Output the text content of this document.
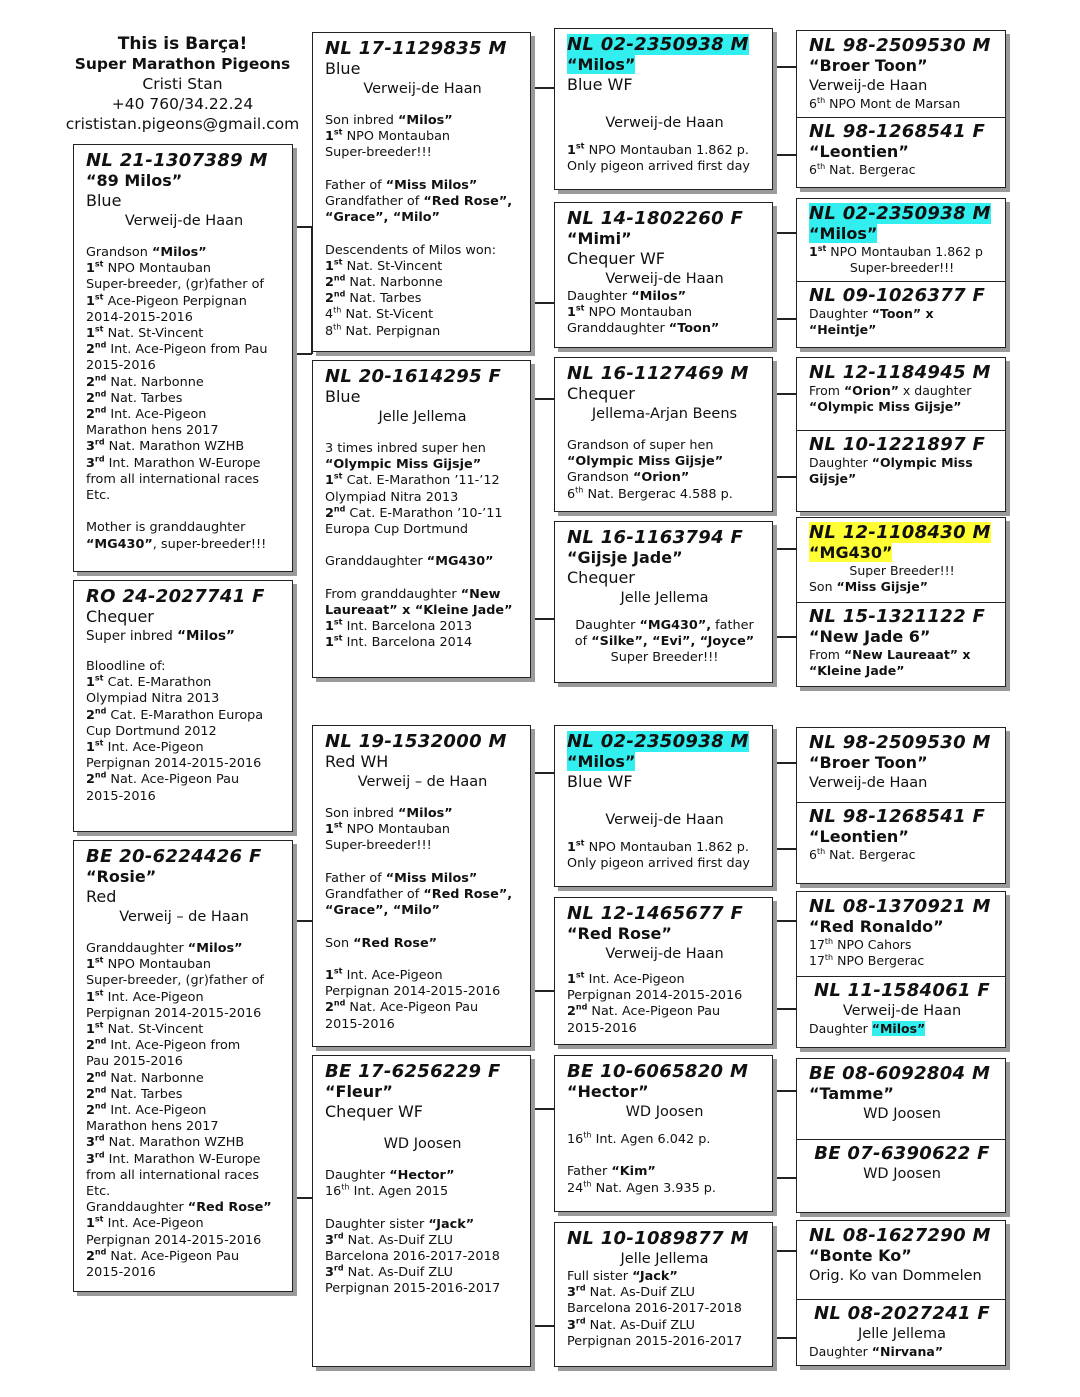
This is Barça!
Super Marathon Pigeons
Cristi Stan
+40 760/34.22.24
crististan.pigeons@gmail.com
NL 21-1307389 M
“89 Milos”
Blue
Verweij-de Haan
Grandson “Milos”
1st NPO Montauban
Super-breeder, (gr)father of
1st Ace-Pigeon Perpignan
2014-2015-2016
1st Nat. St-Vincent
2nd Int. Ace-Pigeon from Pau
2015-2016
2nd Nat. Narbonne
2nd Nat. Tarbes
2nd Int. Ace-Pigeon
Marathon hens 2017
3rd Nat. Marathon WZHB
3rd Int. Marathon W-Europe
from all international races
Etc.

Mother is granddaughter
“MG430”, super-breeder!!!
RO 24-2027741 F
Chequer
Super inbred “Milos”
Bloodline of:
1st Cat. E-Marathon
Olympiad Nitra 2013
2nd Cat. E-Marathon Europa
Cup Dortmund 2012
1st Int. Ace-Pigeon
Perpignan 2014-2015-2016
2nd Nat. Ace-Pigeon Pau
2015-2016
BE 20-6224426 F
“Rosie”
Red
Verweij – de Haan
Granddaughter “Milos”
1st NPO Montauban
Super-breeder, (gr)father of
1st Int. Ace-Pigeon
Perpignan 2014-2015-2016
1st Nat. St-Vincent
2nd Int. Ace-Pigeon from
Pau 2015-2016
2nd Nat. Narbonne
2nd Nat. Tarbes
2nd Int. Ace-Pigeon
Marathon hens 2017
3rd Nat. Marathon WZHB
3rd Int. Marathon W-Europe
from all international races
Etc.
Granddaughter “Red Rose”
1st Int. Ace-Pigeon
Perpignan 2014-2015-2016
2nd Nat. Ace-Pigeon Pau
2015-2016
NL 17-1129835 M
Blue
Verweij-de Haan
Son inbred “Milos”
1st NPO Montauban
Super-breeder!!!

Father of “Miss Milos”
Grandfather of “Red Rose”,
“Grace”, “Milo”

Descendents of Milos won:
1st Nat. St-Vincent
2nd Nat. Narbonne
2nd Nat. Tarbes
4th Nat. St-Vicent
8th Nat. Perpignan
NL 20-1614295 F
Blue
Jelle Jellema
3 times inbred super hen
“Olympic Miss Gijsje”
1st Cat. E-Marathon ’11-’12
Olympiad Nitra 2013
2nd Cat. E-Marathon ’10-’11
Europa Cup Dortmund

Granddaughter “MG430”

From granddaughter “New
Laureaat” x “Kleine Jade”
1st Int. Barcelona 2013
1st Int. Barcelona 2014
NL 19-1532000 M
Red WH
Verweij – de Haan
Son inbred “Milos”
1st NPO Montauban
Super-breeder!!!

Father of “Miss Milos”
Grandfather of “Red Rose”,
“Grace”, “Milo”

Son “Red Rose”

1st Int. Ace-Pigeon
Perpignan 2014-2015-2016
2nd Nat. Ace-Pigeon Pau
2015-2016
BE 17-6256229 F
“Fleur”
Chequer WF
WD Joosen
Daughter “Hector”
16th Int. Agen 2015

Daughter sister “Jack”
3rd Nat. As-Duif ZLU
Barcelona 2016-2017-2018
3rd Nat. As-Duif ZLU
Perpignan 2015-2016-2017
NL 02-2350938 M
“Milos”
Blue WF
Verweij-de Haan
1st NPO Montauban 1.862 p.
Only pigeon arrived first day
NL 14-1802260 F
“Mimi”
Chequer WF
Verweij-de Haan
Daughter “Milos”
1st NPO Montauban
Granddaughter “Toon”
NL 16-1127469 M
Chequer
Jellema-Arjan Beens
Grandson of super hen
“Olympic Miss Gijsje”
Grandson “Orion”
6th Nat. Bergerac 4.588 p.
NL 16-1163794 F
“Gijsje Jade”
Chequer
Jelle Jellema
Daughter “MG430”, father
of “Silke”, “Evi”, “Joyce”
Super Breeder!!!
NL 02-2350938 M
“Milos”
Blue WF
Verweij-de Haan
1st NPO Montauban 1.862 p.
Only pigeon arrived first day
NL 12-1465677 F
“Red Rose”
Verweij-de Haan
1st Int. Ace-Pigeon
Perpignan 2014-2015-2016
2nd Nat. Ace-Pigeon Pau
2015-2016
BE 10-6065820 M
“Hector”
WD Joosen
16th Int. Agen 6.042 p.

Father “Kim”
24th Nat. Agen 3.935 p.
NL 10-1089877 M
Jelle Jellema
Full sister “Jack”
3rd Nat. As-Duif ZLU
Barcelona 2016-2017-2018
3rd Nat. As-Duif ZLU
Perpignan 2015-2016-2017
NL 98-2509530 M
“Broer Toon”
Verweij-de Haan
6th NPO Mont de Marsan
NL 98-1268541 F
“Leontien”
6th Nat. Bergerac
NL 02-2350938 M
“Milos”
1st NPO Montauban 1.862 p
Super-breeder!!!
NL 09-1026377 F
Daughter “Toon” x
“Heintje”
NL 12-1184945 M
From “Orion” x daughter
“Olympic Miss Gijsje”
NL 10-1221897 F
Daughter “Olympic Miss
Gijsje”
NL 12-1108430 M
“MG430”
Super Breeder!!!
Son “Miss Gijsje”
NL 15-1321122 F
“New Jade 6”
From “New Laureaat” x
“Kleine Jade”
NL 98-2509530 M
“Broer Toon”
Verweij-de Haan
NL 98-1268541 F
“Leontien”
6th Nat. Bergerac
NL 08-1370921 M
“Red Ronaldo”
17th NPO Cahors
17th NPO Bergerac
NL 11-1584061 F
Verweij-de Haan
Daughter “Milos”
BE 08-6092804 M
“Tamme”
WD Joosen
BE 07-6390622 F
WD Joosen
NL 08-1627290 M
“Bonte Ko”
Orig. Ko van Dommelen
NL 08-2027241 F
Jelle Jellema
Daughter “Nirvana”
